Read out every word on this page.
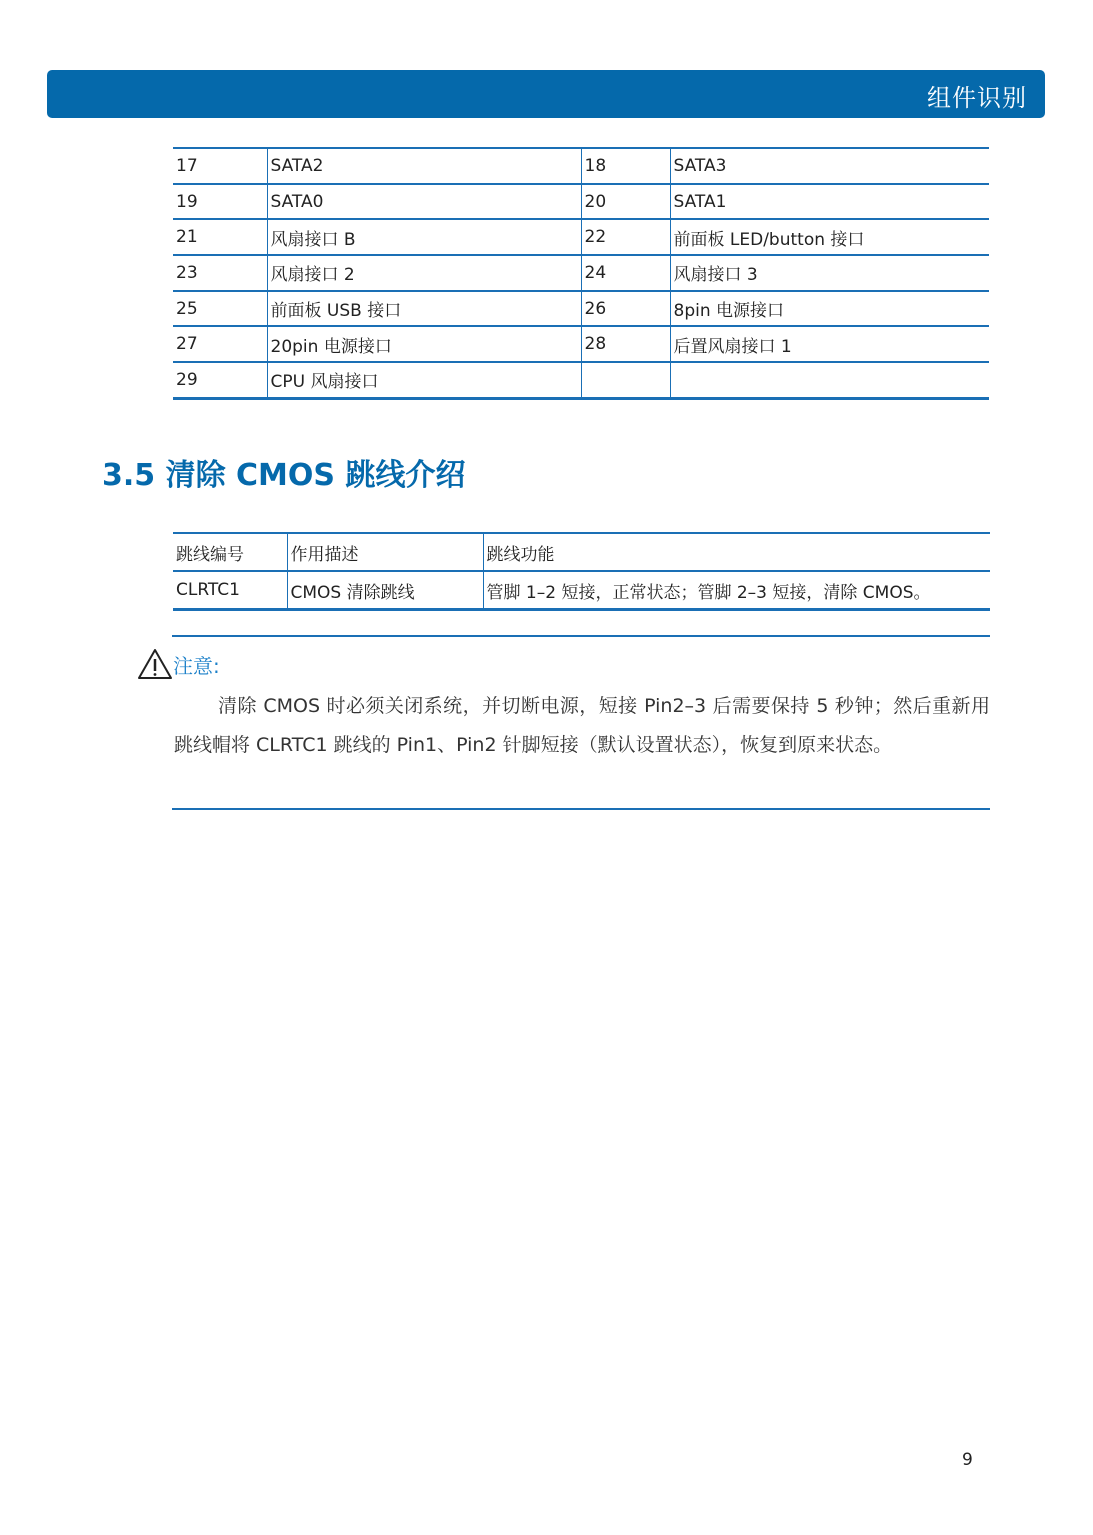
组件识别
17	SATA2	18	SATA3
19	SATA0	20	SATA1
21	风扇接口 B	22	前面板 LED/button 接口
23	风扇接口 2	24	风扇接口 3
25	前面板 USB 接口	26	8pin 电源接口
27	20pin 电源接口	28	后置风扇接口 1
29	CPU 风扇接口		
3.5 清除 CMOS 跳线介绍
跳线编号	作用描述	跳线功能
CLRTC1	CMOS 清除跳线	管脚 1–2 短接，正常状态；管脚 2–3 短接，清除 CMOS。
注意:
清除 CMOS 时必须关闭系统，并切断电源，短接 Pin2–3 后需要保持 5 秒钟；然后重新用跳线帽将 CLRTC1 跳线的 Pin1、Pin2 针脚短接（默认设置状态），恢复到原来状态。
9
